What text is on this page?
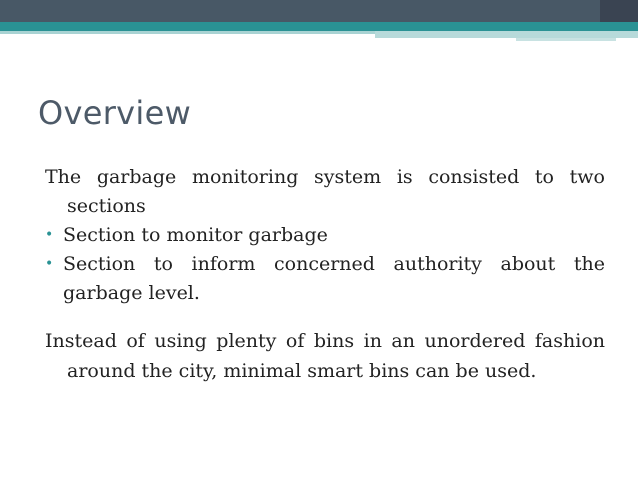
Overview

The garbage monitoring system is consisted to two sections

• Section to monitor garbage
• Section to inform concerned authority about the garbage level.

Instead of using plenty of bins in an unordered fashion around the city, minimal smart bins can be used.
